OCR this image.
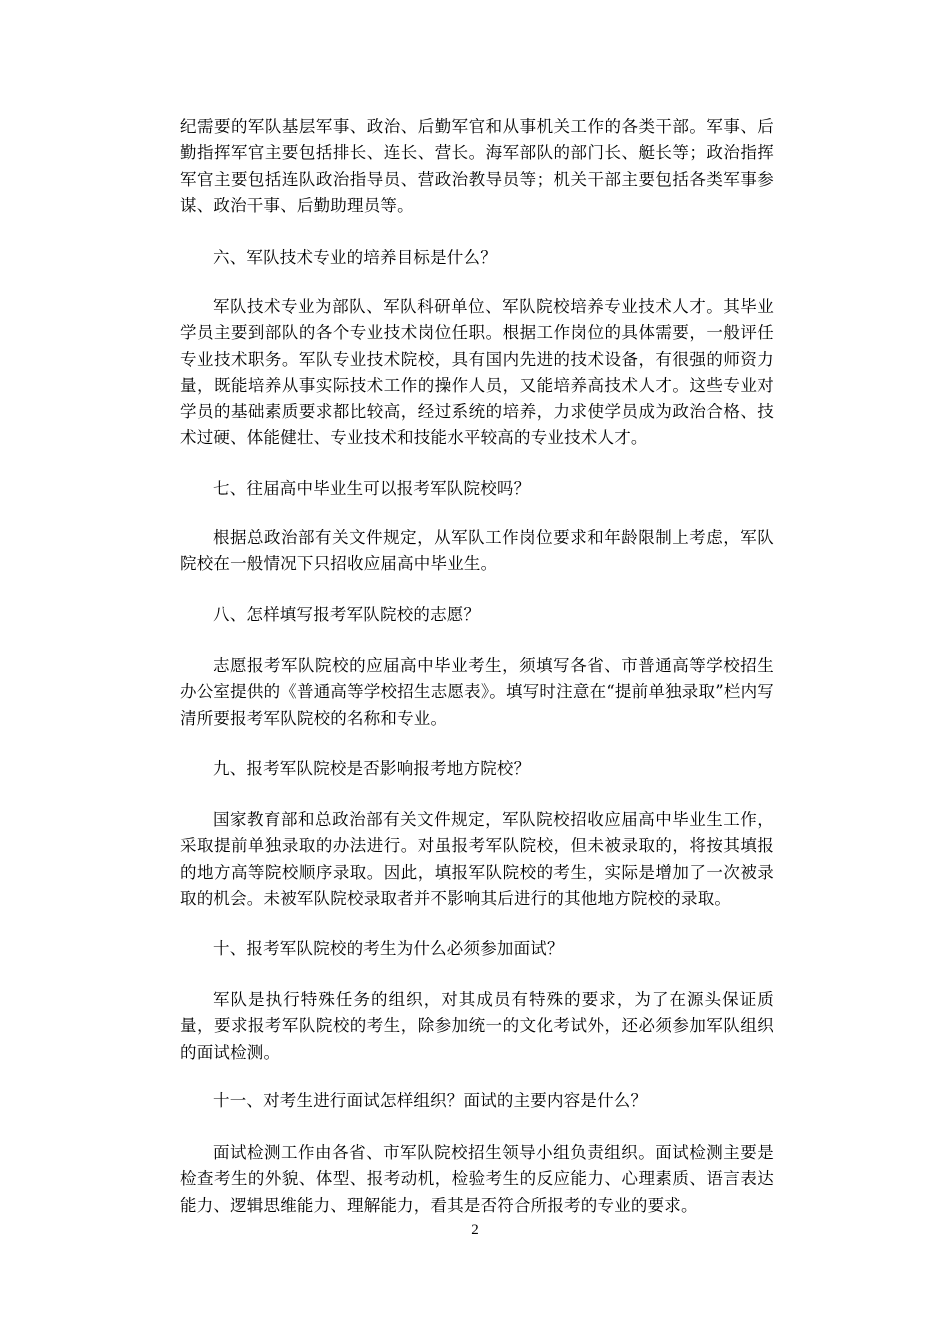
纪需要的军队基层军事、政治、后勤军官和从事机关工作的各类干部。军事、后勤指挥军官主要包括排长、连长、营长。海军部队的部门长、艇长等；政治指挥军官主要包括连队政治指导员、营政治教导员等；机关干部主要包括各类军事参谋、政治干事、后勤助理员等。

六、军队技术专业的培养目标是什么？

军队技术专业为部队、军队科研单位、军队院校培养专业技术人才。其毕业学员主要到部队的各个专业技术岗位任职。根据工作岗位的具体需要，一般评任专业技术职务。军队专业技术院校，具有国内先进的技术设备，有很强的师资力量，既能培养从事实际技术工作的操作人员，又能培养高技术人才。这些专业对学员的基础素质要求都比较高，经过系统的培养，力求使学员成为政治合格、技术过硬、体能健壮、专业技术和技能水平较高的专业技术人才。

七、往届高中毕业生可以报考军队院校吗？

根据总政治部有关文件规定，从军队工作岗位要求和年龄限制上考虑，军队院校在一般情况下只招收应届高中毕业生。

八、怎样填写报考军队院校的志愿？

志愿报考军队院校的应届高中毕业考生，须填写各省、市普通高等学校招生办公室提供的《普通高等学校招生志愿表》。填写时注意在“提前单独录取”栏内写清所要报考军队院校的名称和专业。

九、报考军队院校是否影响报考地方院校？

国家教育部和总政治部有关文件规定，军队院校招收应届高中毕业生工作，采取提前单独录取的办法进行。对虽报考军队院校，但未被录取的，将按其填报的地方高等院校顺序录取。因此，填报军队院校的考生，实际是增加了一次被录取的机会。未被军队院校录取者并不影响其后进行的其他地方院校的录取。

十、报考军队院校的考生为什么必须参加面试？

军队是执行特殊任务的组织，对其成员有特殊的要求，为了在源头保证质量，要求报考军队院校的考生，除参加统一的文化考试外，还必须参加军队组织的面试检测。

十一、对考生进行面试怎样组织？面试的主要内容是什么？

面试检测工作由各省、市军队院校招生领导小组负责组织。面试检测主要是检查考生的外貌、体型、报考动机，检验考生的反应能力、心理素质、语言表达能力、逻辑思维能力、理解能力，看其是否符合所报考的专业的要求。

2
